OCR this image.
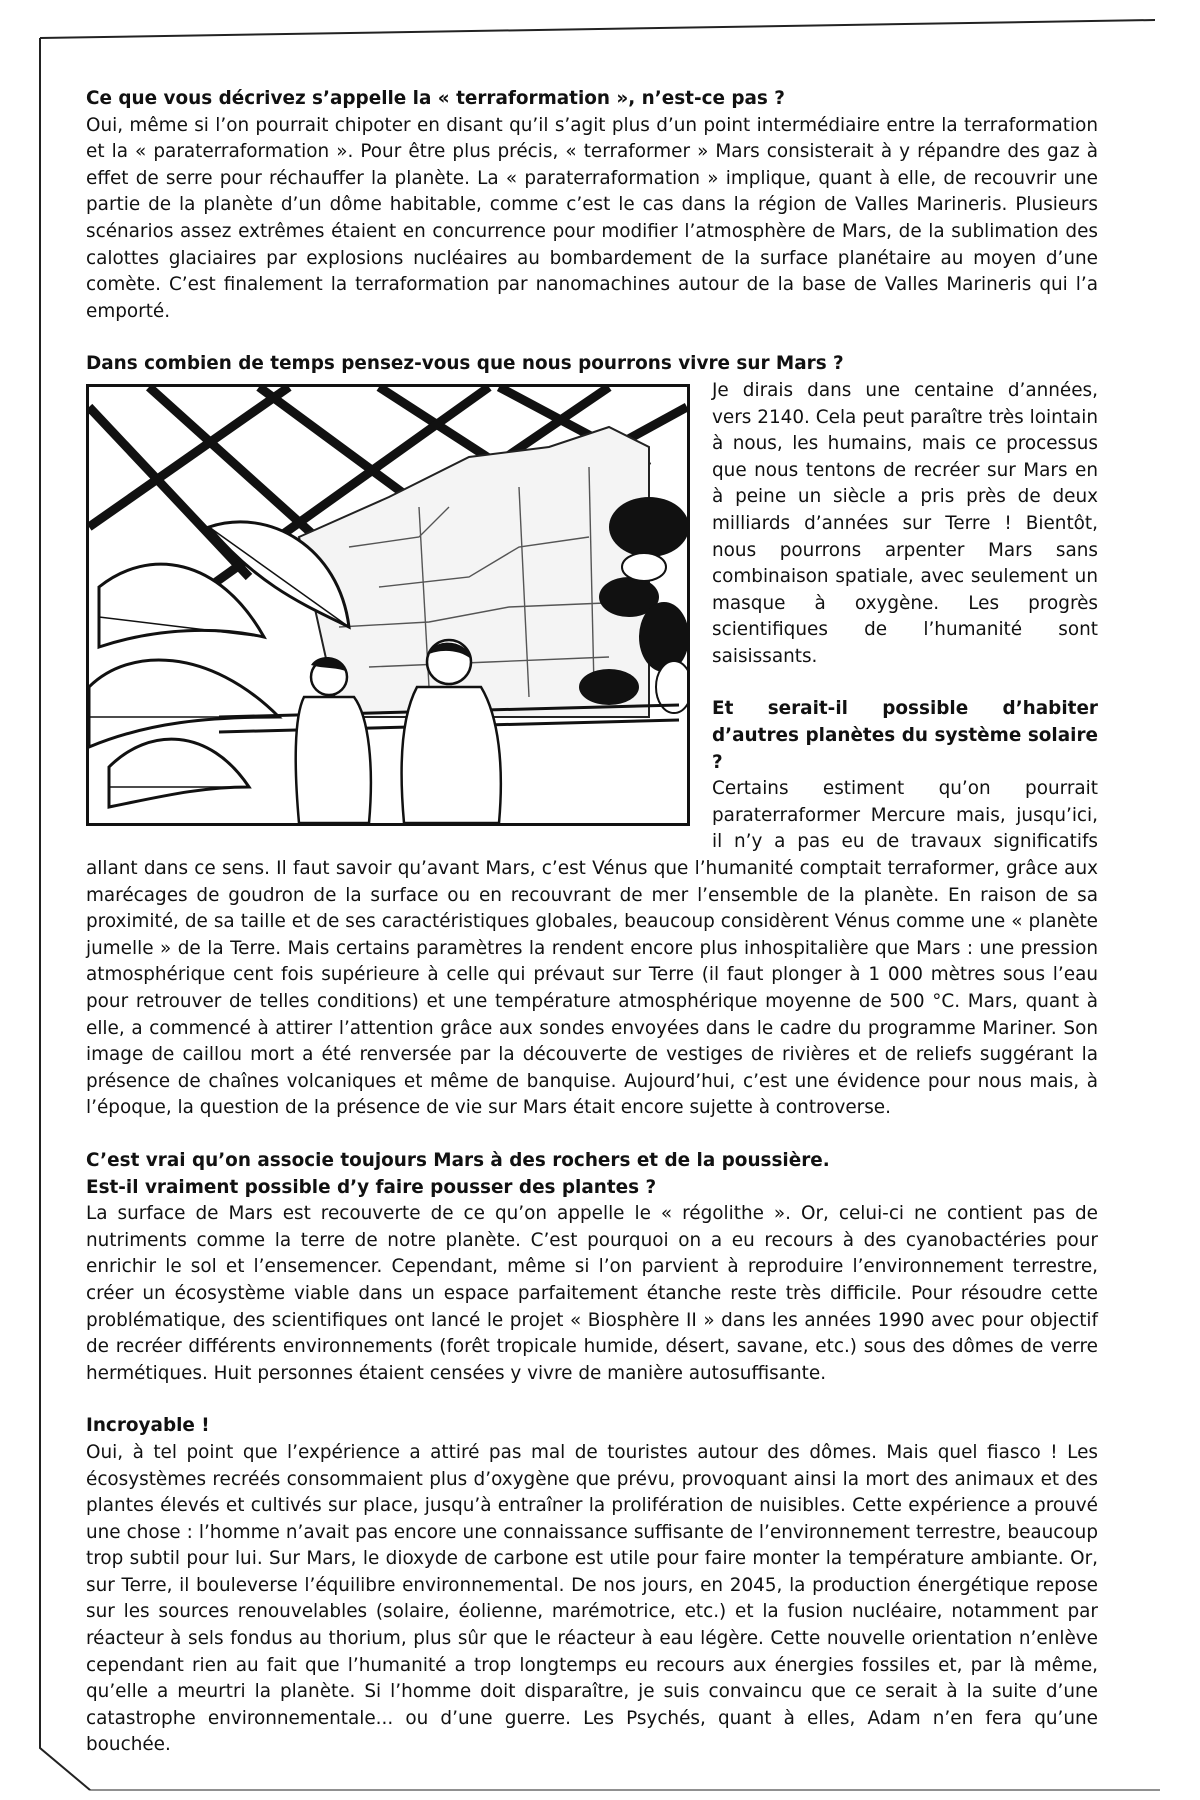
Ce que vous décrivez s’appelle la « terraformation », n’est-ce pas ?

Oui, même si l’on pourrait chipoter en disant qu’il s’agit plus d’un point intermédiaire entre la terraformation et la « paraterraformation ». Pour être plus précis, « terraformer » Mars consisterait à y répandre des gaz à effet de serre pour réchauffer la planète. La « paraterraformation » implique, quant à elle, de recouvrir une partie de la planète d’un dôme habitable, comme c’est le cas dans la région de Valles Marineris. Plusieurs scénarios assez extrêmes étaient en concurrence pour modifier l’atmosphère de Mars, de la sublimation des calottes glaciaires par explosions nucléaires au bombardement de la surface planétaire au moyen d’une comète. C’est finalement la terraformation par nanomachines autour de la base de Valles Marineris qui l’a emporté.

Dans combien de temps pensez-vous que nous pourrons vivre sur Mars ?

Je dirais dans une centaine d’années, vers 2140. Cela peut paraître très lointain à nous, les humains, mais ce processus que nous tentons de recréer sur Mars en à peine un siècle a pris près de deux milliards d’années sur Terre ! Bientôt, nous pourrons arpenter Mars sans combinaison spatiale, avec seulement un masque à oxygène. Les progrès scientifiques de l’humanité sont saisissants.

Et serait-il possible d’habiter d’autres planètes du système solaire ?

Certains estiment qu’on pourrait paraterraformer Mercure mais, jusqu’ici, il n’y a pas eu de travaux significatifs allant dans ce sens. Il faut savoir qu’avant Mars, c’est Vénus que l’humanité comptait terraformer, grâce aux marécages de goudron de la surface ou en recouvrant de mer l’ensemble de la planète. En raison de sa proximité, de sa taille et de ses caractéristiques globales, beaucoup considèrent Vénus comme une « planète jumelle » de la Terre. Mais certains paramètres la rendent encore plus inhospitalière que Mars : une pression atmosphérique cent fois supérieure à celle qui prévaut sur Terre (il faut plonger à 1 000 mètres sous l’eau pour retrouver de telles conditions) et une température atmosphérique moyenne de 500 °C. Mars, quant à elle, a commencé à attirer l’attention grâce aux sondes envoyées dans le cadre du programme Mariner. Son image de caillou mort a été renversée par la découverte de vestiges de rivières et de reliefs suggérant la présence de chaînes volcaniques et même de banquise. Aujourd’hui, c’est une évidence pour nous mais, à l’époque, la question de la présence de vie sur Mars était encore sujette à controverse.

C’est vrai qu’on associe toujours Mars à des rochers et de la poussière.

Est-il vraiment possible d’y faire pousser des plantes ?

La surface de Mars est recouverte de ce qu’on appelle le « régolithe ». Or, celui-ci ne contient pas de nutriments comme la terre de notre planète. C’est pourquoi on a eu recours à des cyanobactéries pour enrichir le sol et l’ensemencer. Cependant, même si l’on parvient à reproduire l’environnement terrestre, créer un écosystème viable dans un espace parfaitement étanche reste très difficile. Pour résoudre cette problématique, des scientifiques ont lancé le projet « Biosphère II » dans les années 1990 avec pour objectif de recréer différents environnements (forêt tropicale humide, désert, savane, etc.) sous des dômes de verre hermétiques. Huit personnes étaient censées y vivre de manière autosuffisante.

Incroyable !

Oui, à tel point que l’expérience a attiré pas mal de touristes autour des dômes. Mais quel fiasco ! Les écosystèmes recréés consommaient plus d’oxygène que prévu, provoquant ainsi la mort des animaux et des plantes élevés et cultivés sur place, jusqu’à entraîner la prolifération de nuisibles. Cette expérience a prouvé une chose : l’homme n’avait pas encore une connaissance suffisante de l’environnement terrestre, beaucoup trop subtil pour lui. Sur Mars, le dioxyde de carbone est utile pour faire monter la température ambiante. Or, sur Terre, il bouleverse l’équilibre environnemental. De nos jours, en 2045, la production énergétique repose sur les sources renouvelables (solaire, éolienne, marémotrice, etc.) et la fusion nucléaire, notamment par réacteur à sels fondus au thorium, plus sûr que le réacteur à eau légère. Cette nouvelle orientation n’enlève cependant rien au fait que l’humanité a trop longtemps eu recours aux énergies fossiles et, par là même, qu’elle a meurtri la planète. Si l’homme doit disparaître, je suis convaincu que ce serait à la suite d’une catastrophe environnementale... ou d’une guerre. Les Psychés, quant à elles, Adam n’en fera qu’une bouchée.
